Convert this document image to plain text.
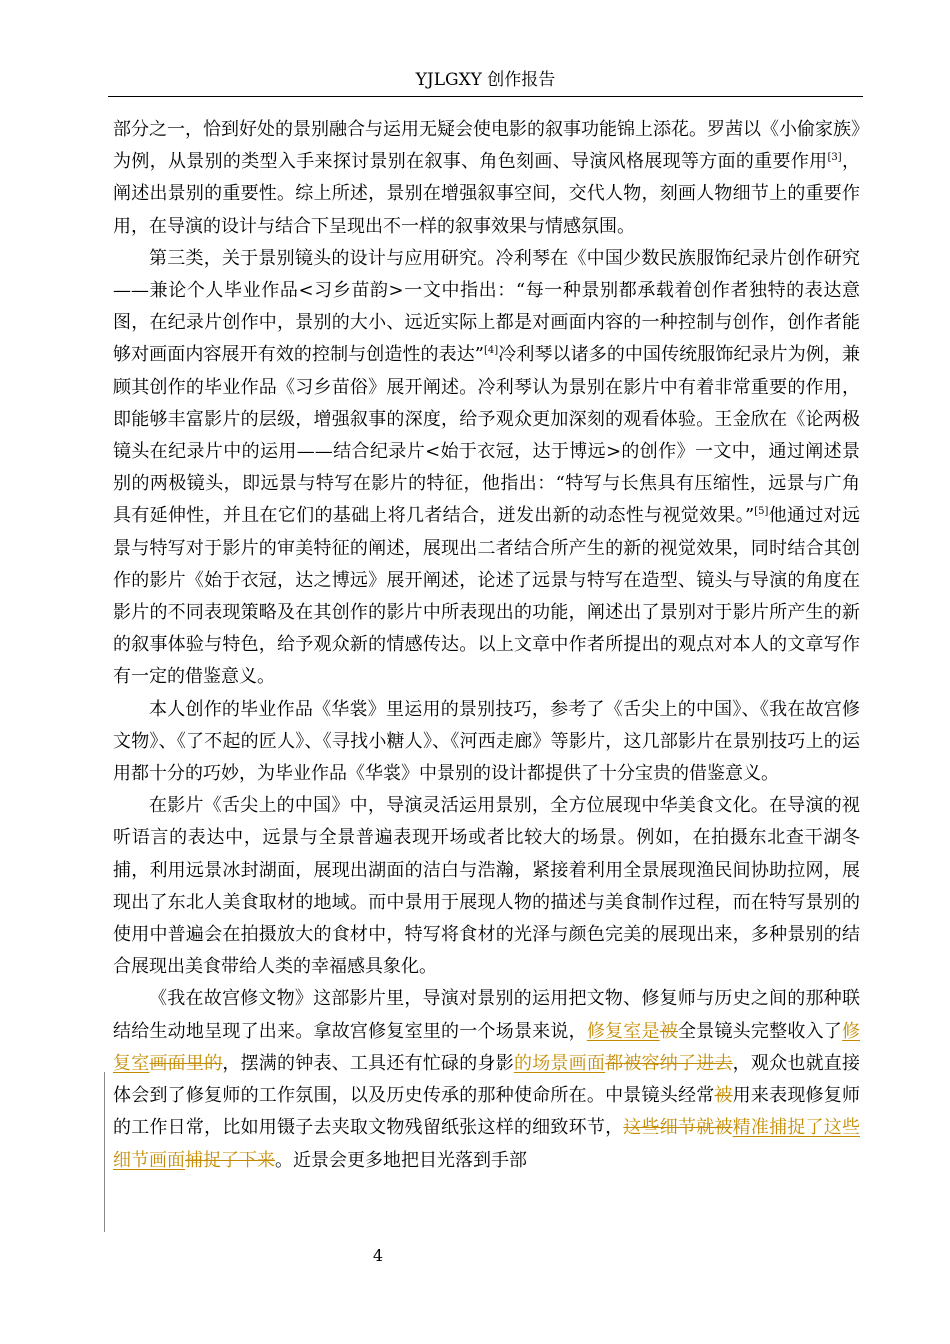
YJLGXY 创作报告

部分之一，恰到好处的景别融合与运用无疑会使电影的叙事功能锦上添花。罗茜以《小偷家族》为例，从景别的类型入手来探讨景别在叙事、角色刻画、导演风格展现等方面的重要作用[3]，阐述出景别的重要性。综上所述，景别在增强叙事空间，交代人物，刻画人物细节上的重要作用，在导演的设计与结合下呈现出不一样的叙事效果与情感氛围。

第三类，关于景别镜头的设计与应用研究。冷利琴在《中国少数民族服饰纪录片创作研究——兼论个人毕业作品<习乡苗韵>一文中指出：“每一种景别都承载着创作者独特的表达意图，在纪录片创作中，景别的大小、远近实际上都是对画面内容的一种控制与创作，创作者能够对画面内容展开有效的控制与创造性的表达”[4]冷利琴以诸多的中国传统服饰纪录片为例，兼顾其创作的毕业作品《习乡苗俗》展开阐述。冷利琴认为景别在影片中有着非常重要的作用，即能够丰富影片的层级，增强叙事的深度，给予观众更加深刻的观看体验。王金欣在《论两极镜头在纪录片中的运用——结合纪录片<始于衣冠，达于博远>的创作》一文中，通过阐述景别的两极镜头，即远景与特写在影片的特征，他指出：“特写与长焦具有压缩性，远景与广角具有延伸性，并且在它们的基础上将几者结合，迸发出新的动态性与视觉效果。”[5]他通过对远景与特写对于影片的审美特征的阐述，展现出二者结合所产生的新的视觉效果，同时结合其创作的影片《始于衣冠，达之博远》展开阐述，论述了远景与特写在造型、镜头与导演的角度在影片的不同表现策略及在其创作的影片中所表现出的功能，阐述出了景别对于影片所产生的新的叙事体验与特色，给予观众新的情感传达。以上文章中作者所提出的观点对本人的文章写作有一定的借鉴意义。

本人创作的毕业作品《华裳》里运用的景别技巧，参考了《舌尖上的中国》、《我在故宫修文物》、《了不起的匠人》、《寻找小糖人》、《河西走廊》等影片，这几部影片在景别技巧上的运用都十分的巧妙，为毕业作品《华裳》中景别的设计都提供了十分宝贵的借鉴意义。

在影片《舌尖上的中国》中，导演灵活运用景别，全方位展现中华美食文化。在导演的视听语言的表达中，远景与全景普遍表现开场或者比较大的场景。例如，在拍摄东北查干湖冬捕，利用远景冰封湖面，展现出湖面的洁白与浩瀚，紧接着利用全景展现渔民间协助拉网，展现出了东北人美食取材的地域。而中景用于展现人物的描述与美食制作过程，而在特写景别的使用中普遍会在拍摄放大的食材中，特写将食材的光泽与颜色完美的展现出来，多种景别的结合展现出美食带给人类的幸福感具象化。

《我在故宫修文物》这部影片里，导演对景别的运用把文物、修复师与历史之间的那种联结给生动地呈现了出来。拿故宫修复室里的一个场景来说，修复室是被全景镜头完整收入了修复室画面里的，摆满的钟表、工具还有忙碌的身影的场景画面都被容纳了进去，观众也就直接体会到了修复师的工作氛围，以及历史传承的那种使命所在。中景镜头经常被用来表现修复师的工作日常，比如用镊子去夹取文物残留纸张这样的细致环节，这些细节就被精准捕捉了这些细节画面捕捉了下来。近景会更多地把目光落到手部

4
